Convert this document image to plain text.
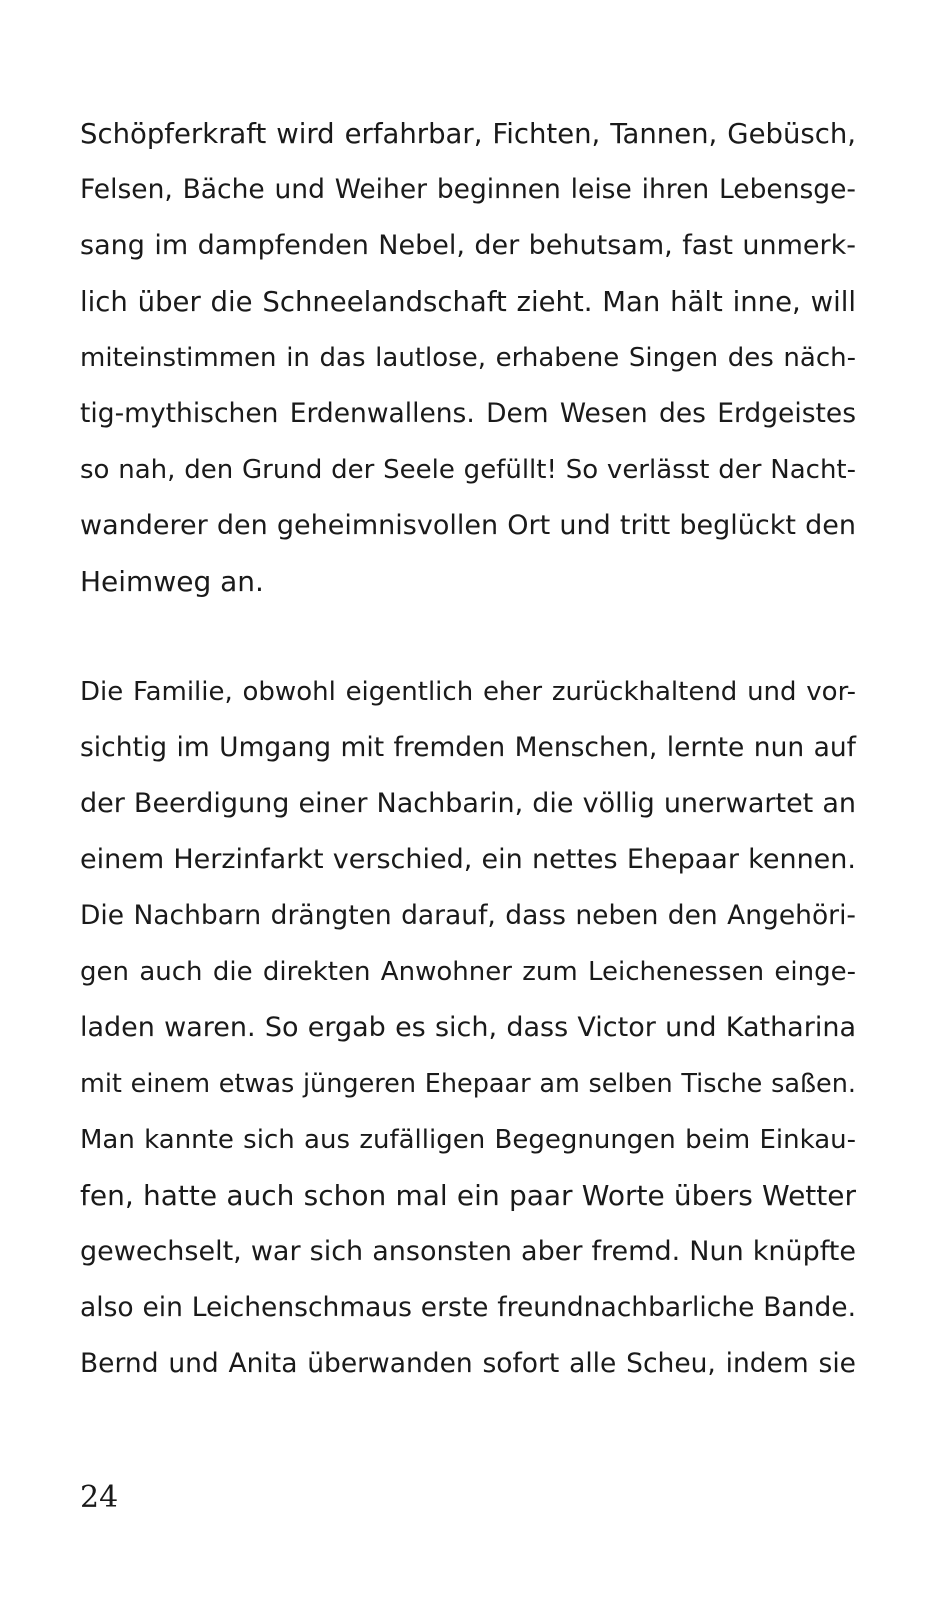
Schöpferkraft wird erfahrbar, Fichten, Tannen, Gebüsch,
Felsen, Bäche und Weiher beginnen leise ihren Lebensge-
sang im dampfenden Nebel, der behutsam, fast unmerk-
lich über die Schneelandschaft zieht. Man hält inne, will
miteinstimmen in das lautlose, erhabene Singen des näch-
tig-mythischen Erdenwallens. Dem Wesen des Erdgeistes
so nah, den Grund der Seele gefüllt! So verlässt der Nacht-
wanderer den geheimnisvollen Ort und tritt beglückt den
Heimweg an.
Die Familie, obwohl eigentlich eher zurückhaltend und vor-
sichtig im Umgang mit fremden Menschen, lernte nun auf
der Beerdigung einer Nachbarin, die völlig unerwartet an
einem Herzinfarkt verschied, ein nettes Ehepaar kennen.
Die Nachbarn drängten darauf, dass neben den Angehöri-
gen auch die direkten Anwohner zum Leichenessen einge-
laden waren. So ergab es sich, dass Victor und Katharina
mit einem etwas jüngeren Ehepaar am selben Tische saßen.
Man kannte sich aus zufälligen Begegnungen beim Einkau-
fen, hatte auch schon mal ein paar Worte übers Wetter
gewechselt, war sich ansonsten aber fremd. Nun knüpfte
also ein Leichenschmaus erste freundnachbarliche Bande.
Bernd und Anita überwanden sofort alle Scheu, indem sie
24
